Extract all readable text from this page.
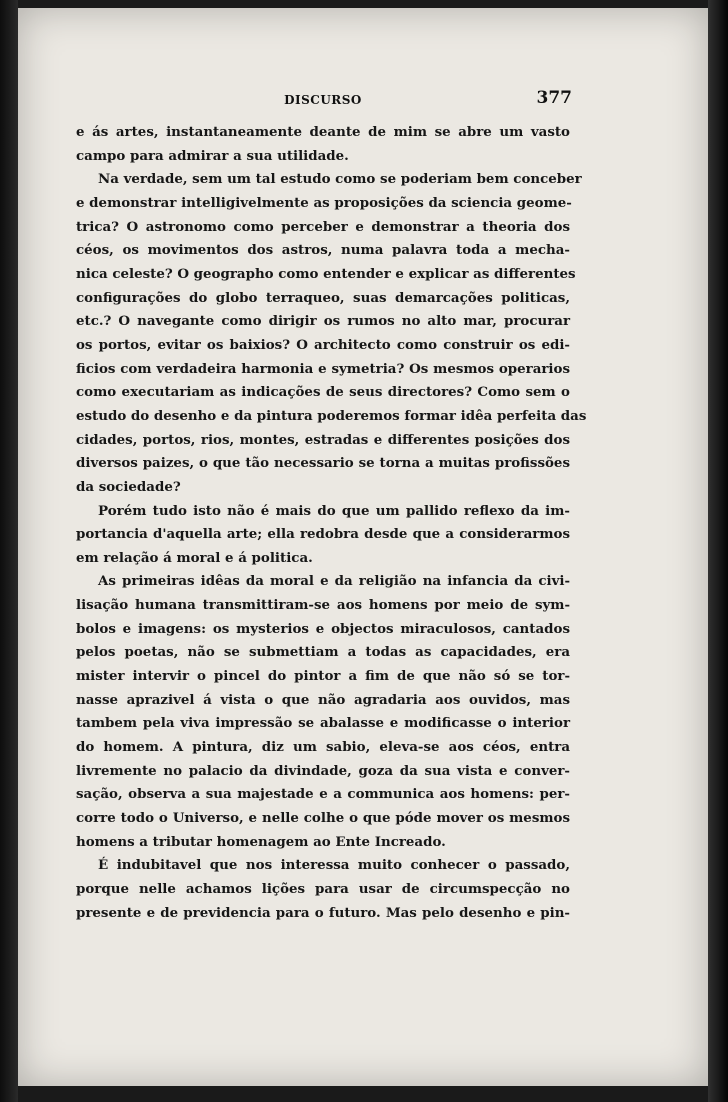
DISCURSO	377

e ás artes, instantaneamente deante de mim se abre um vasto
campo para admirar a sua utilidade.

Na verdade, sem um tal estudo como se poderiam bem conceber
e demonstrar intelligivelmente as proposições da sciencia geome-
trica? O astronomo como perceber e demonstrar a theoria dos
céos, os movimentos dos astros, numa palavra toda a mecha-
nica celeste? O geographo como entender e explicar as differentes
configurações do globo terraqueo, suas demarcações politicas,
etc.? O navegante como dirigir os rumos no alto mar, procurar
os portos, evitar os baixios? O architecto como construir os edi-
ficios com verdadeira harmonia e symetria? Os mesmos operarios
como executariam as indicações de seus directores? Como sem o
estudo do desenho e da pintura poderemos formar idêa perfeita das
cidades, portos, rios, montes, estradas e differentes posições dos
diversos paizes, o que tão necessario se torna a muitas profissões
da sociedade?

Porém tudo isto não é mais do que um pallido reflexo da im-
portancia d'aquella arte; ella redobra desde que a considerarmos
em relação á moral e á politica.

As primeiras idêas da moral e da religião na infancia da civi-
lisação humana transmittiram-se aos homens por meio de sym-
bolos e imagens: os mysterios e objectos miraculosos, cantados
pelos poetas, não se submettiam a todas as capacidades, era
mister intervir o pincel do pintor a fim de que não só se tor-
nasse aprazivel á vista o que não agradaria aos ouvidos, mas
tambem pela viva impressão se abalasse e modificasse o interior
do homem. A pintura, diz um sabio, eleva-se aos céos, entra
livremente no palacio da divindade, goza da sua vista e conver-
sação, observa a sua majestade e a communica aos homens: per-
corre todo o Universo, e nelle colhe o que póde mover os mesmos
homens a tributar homenagem ao Ente Increado.

É indubitavel que nos interessa muito conhecer o passado,
porque nelle achamos lições para usar de circumspecção no
presente e de previdencia para o futuro. Mas pelo desenho e pin-
